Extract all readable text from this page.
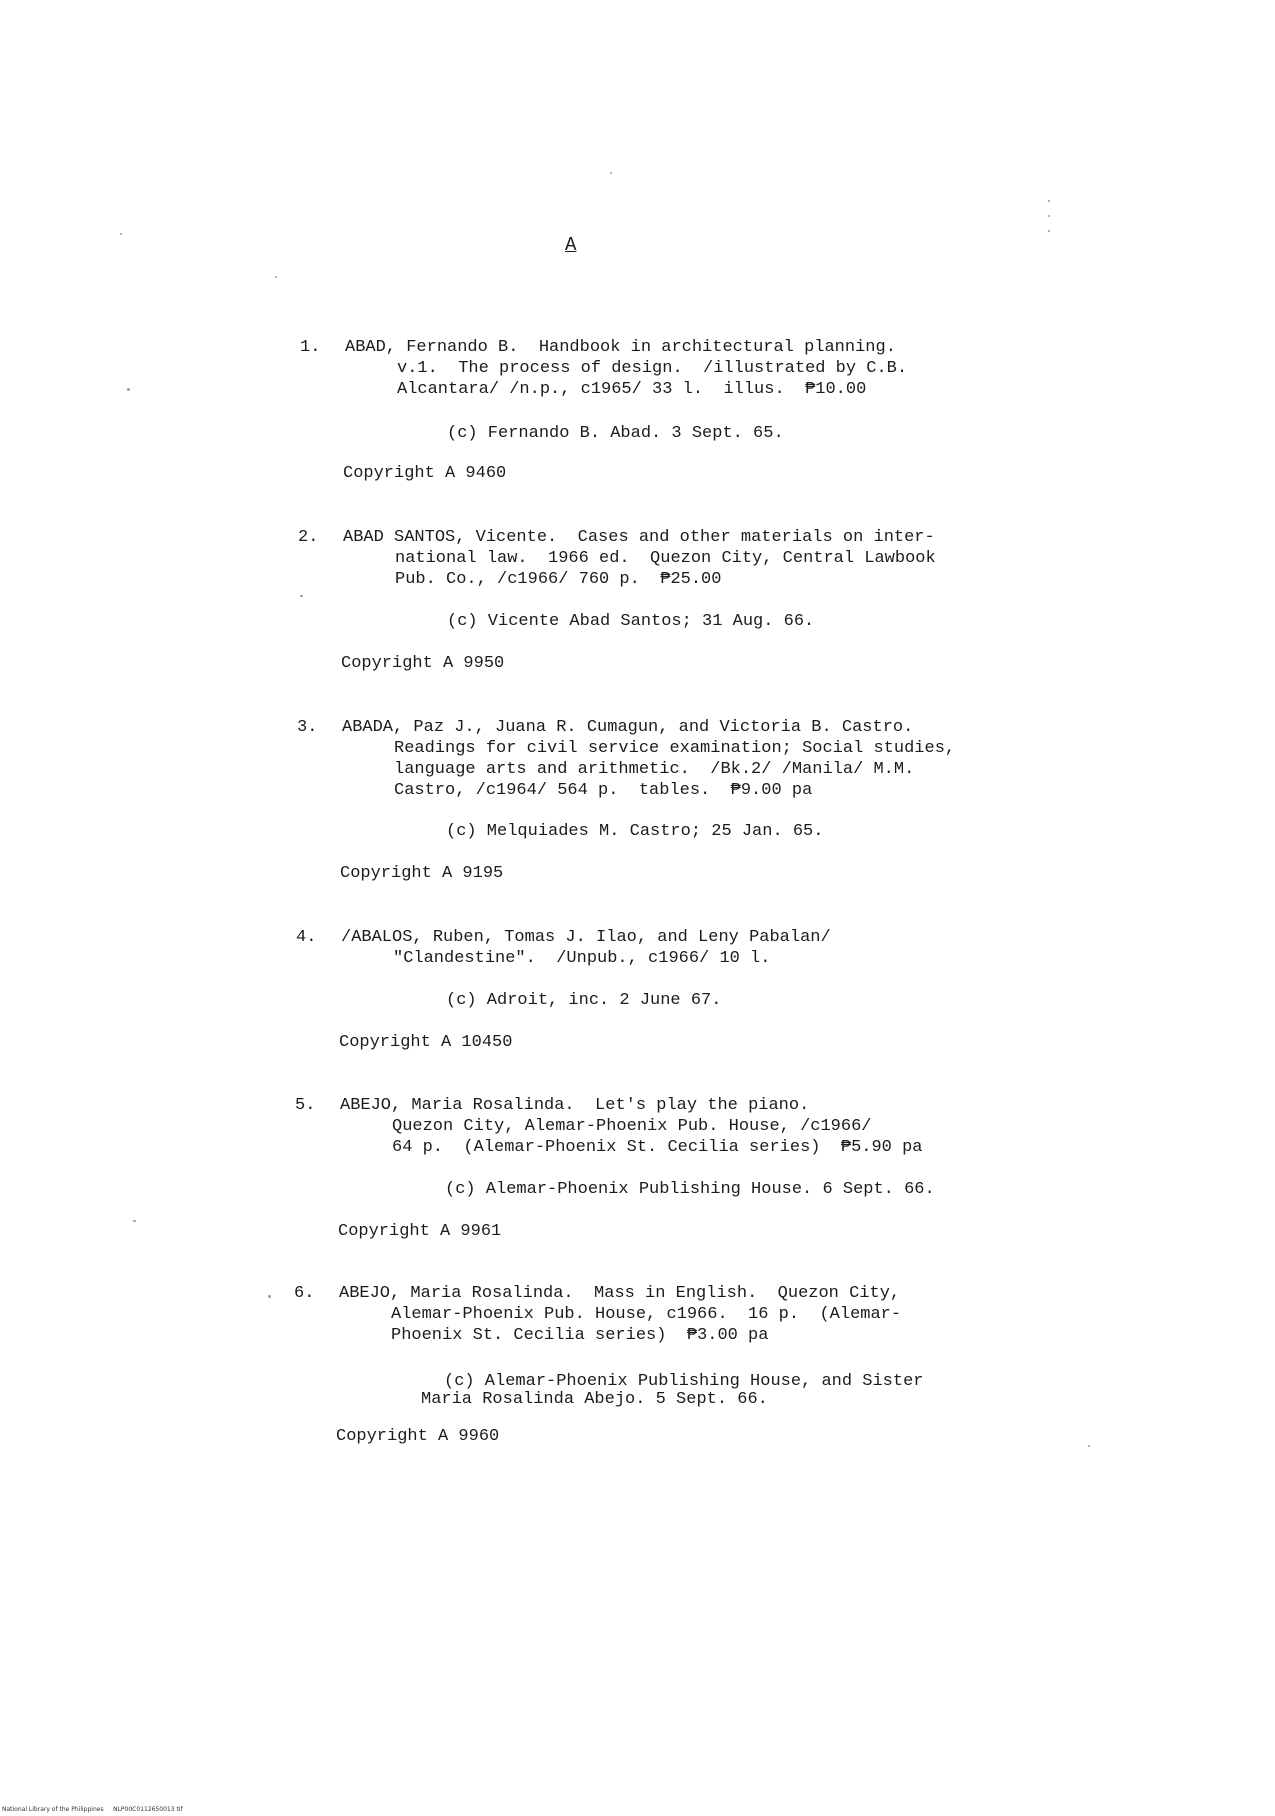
A
1. ABAD, Fernando B.  Handbook in architectural planning.
v.1.  The process of design.  /illustrated by C.B.
Alcantara/ /n.p., c1965/ 33 l.  illus.  ₱10.00
(c) Fernando B. Abad. 3 Sept. 65.
Copyright A 9460
2. ABAD SANTOS, Vicente.  Cases and other materials on inter-
national law.  1966 ed.  Quezon City, Central Lawbook
Pub. Co., /c1966/ 760 p.  ₱25.00
(c) Vicente Abad Santos; 31 Aug. 66.
Copyright A 9950
3. ABADA, Paz J., Juana R. Cumagun, and Victoria B. Castro.
Readings for civil service examination; Social studies,
language arts and arithmetic.  /Bk.2/ /Manila/ M.M.
Castro, /c1964/ 564 p.  tables.  ₱9.00 pa
(c) Melquiades M. Castro; 25 Jan. 65.
Copyright A 9195
4. /ABALOS, Ruben, Tomas J. Ilao, and Leny Pabalan/
"Clandestine".  /Unpub., c1966/ 10 l.
(c) Adroit, inc. 2 June 67.
Copyright A 10450
5. ABEJO, Maria Rosalinda.  Let's play the piano.
Quezon City, Alemar-Phoenix Pub. House, /c1966/
64 p.  (Alemar-Phoenix St. Cecilia series)  ₱5.90 pa
(c) Alemar-Phoenix Publishing House. 6 Sept. 66.
Copyright A 9961
6. ABEJO, Maria Rosalinda.  Mass in English.  Quezon City,
Alemar-Phoenix Pub. House, c1966.  16 p.  (Alemar-
Phoenix St. Cecilia series)  ₱3.00 pa
(c) Alemar-Phoenix Publishing House, and Sister
Maria Rosalinda Abejo. 5 Sept. 66.
Copyright A 9960
National Library of the Philippines     NLP00C0112650013 tif
